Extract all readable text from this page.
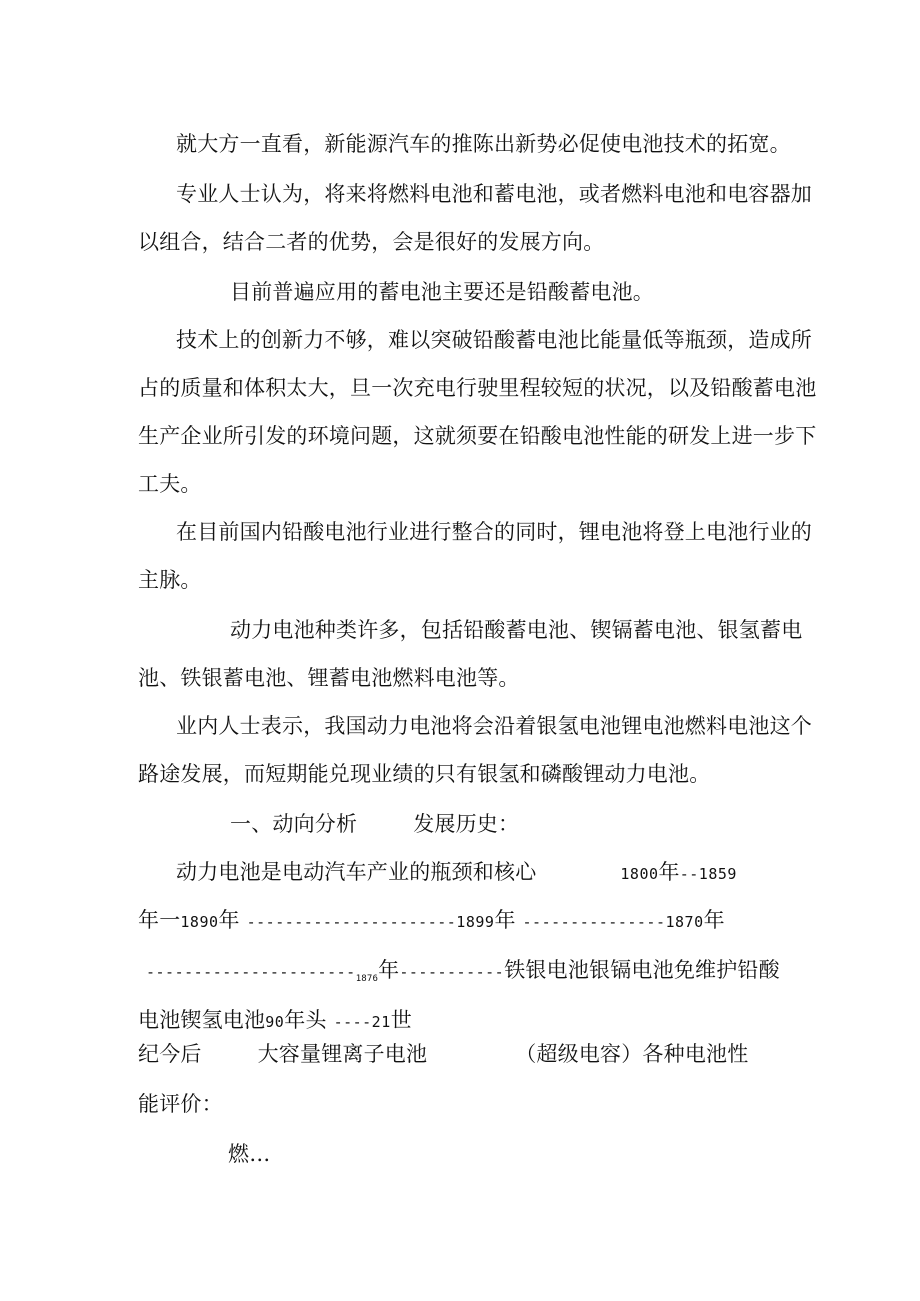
就大方一直看，新能源汽车的推陈出新势必促使电池技术的拓宽。
专业人士认为，将来将燃料电池和蓄电池，或者燃料电池和电容器加
以组合，结合二者的优势，会是很好的发展方向。
目前普遍应用的蓄电池主要还是铅酸蓄电池。
技术上的创新力不够，难以突破铅酸蓄电池比能量低等瓶颈，造成所
占的质量和体积太大，旦一次充电行驶里程较短的状况，以及铅酸蓄电池
生产企业所引发的环境问题，这就须要在铅酸电池性能的研发上进一步下
工夫。
在目前国内铅酸电池行业进行整合的同时，锂电池将登上电池行业的
主脉。
动力电池种类许多，包括铅酸蓄电池、锲镉蓄电池、银氢蓄电
池、铁银蓄电池、锂蓄电池燃料电池等。
业内人士表示，我国动力电池将会沿着银氢电池锂电池燃料电池这个
路途发展，而短期能兑现业绩的只有银氢和磷酸锂动力电池。
一、动向分析	发展历史：
动力电池是电动汽车产业的瓶颈和核心	1800年--1859
年一1890年 ----------------------1899年 ---------------1870年
----------------------1876年-----------铁银电池银镉电池免维护铅酸
电池锲氢电池90年头 ----21世
纪今后	大容量锂离子电池	（超级电容）各种电池性
能评价：
燃…
